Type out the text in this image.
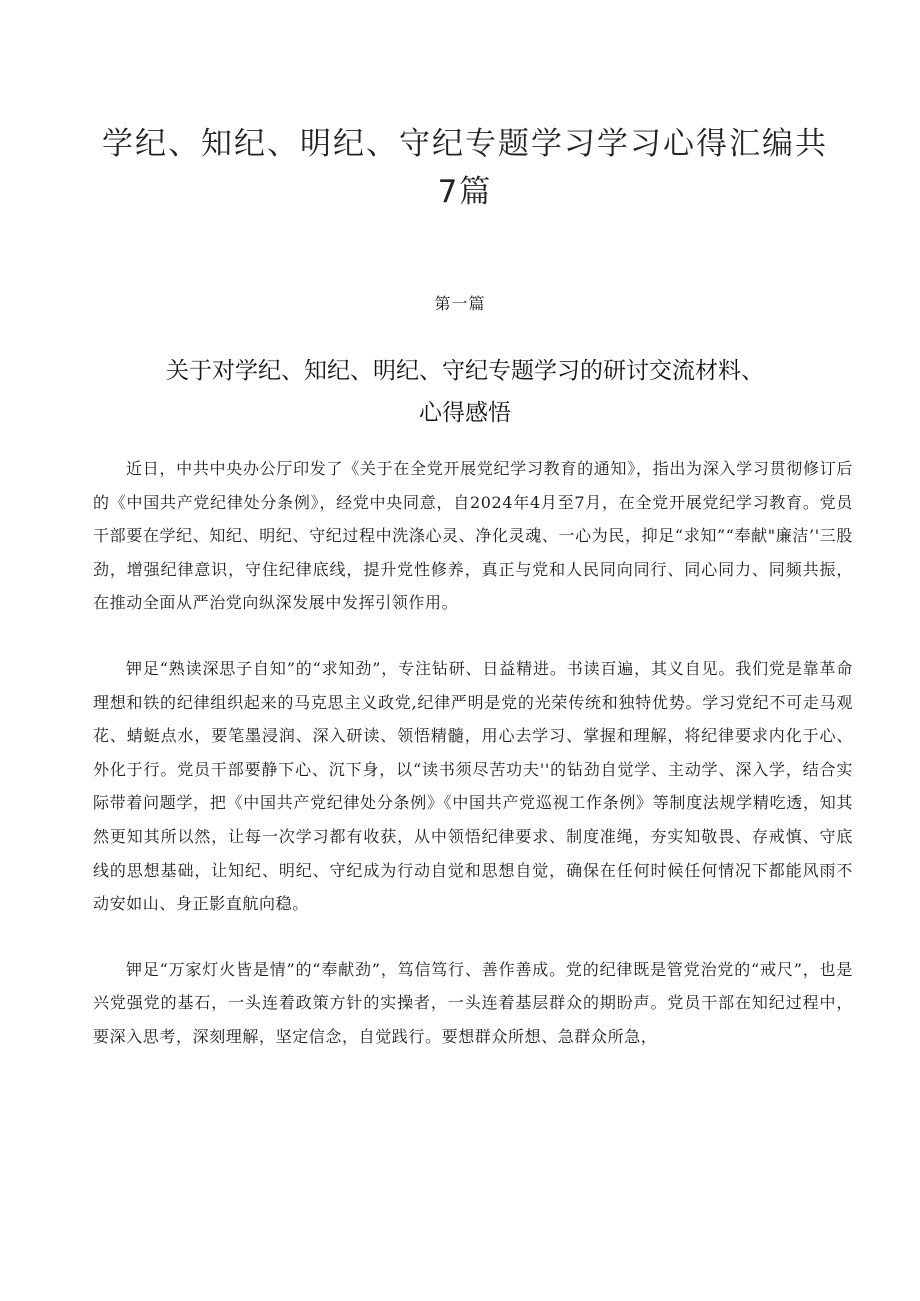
学纪、知纪、明纪、守纪专题学习学习心得汇编共7篇
第一篇
关于对学纪、知纪、明纪、守纪专题学习的研讨交流材料、心得感悟

近日，中共中央办公厅印发了《关于在全党开展党纪学习教育的通知》，指出为深入学习贯彻修订后的《中国共产党纪律处分条例》，经党中央同意，自2024年4月至7月，在全党开展党纪学习教育。党员干部要在学纪、知纪、明纪、守纪过程中洗涤心灵、净化灵魂、一心为民，抑足“求知”“奉献"廉洁’'三股劲，增强纪律意识，守住纪律底线，提升党性修养，真正与党和人民同向同行、同心同力、同频共振，在推动全面从严治党向纵深发展中发挥引领作用。

钾足“熟读深思子自知”的“求知劲”，专注钻研、日益精进。书读百遍，其义自见。我们党是靠革命理想和铁的纪律组织起来的马克思主义政党,纪律严明是党的光荣传统和独特优势。学习党纪不可走马观花、蜻蜓点水，要笔墨浸润、深入研读、领悟精髓，用心去学习、掌握和理解，将纪律要求内化于心、外化于行。党员干部要静下心、沉下身，以“读书须尽苦功夫''的钻劲自觉学、主动学、深入学，结合实际带着问题学，把《中国共产党纪律处分条例》《中国共产党巡视工作条例》等制度法规学精吃透，知其然更知其所以然，让每一次学习都有收获，从中领悟纪律要求、制度准绳，夯实知敬畏、存戒慎、守底线的思想基础，让知纪、明纪、守纪成为行动自觉和思想自觉，确保在任何时候任何情况下都能风雨不动安如山、身正影直航向稳。

钾足“万家灯火皆是情”的“奉献劲”，笃信笃行、善作善成。党的纪律既是管党治党的“戒尺”，也是兴党强党的基石，一头连着政策方针的实操者，一头连着基层群众的期盼声。党员干部在知纪过程中，要深入思考，深刻理解，坚定信念，自觉践行。要想群众所想、急群众所急，
